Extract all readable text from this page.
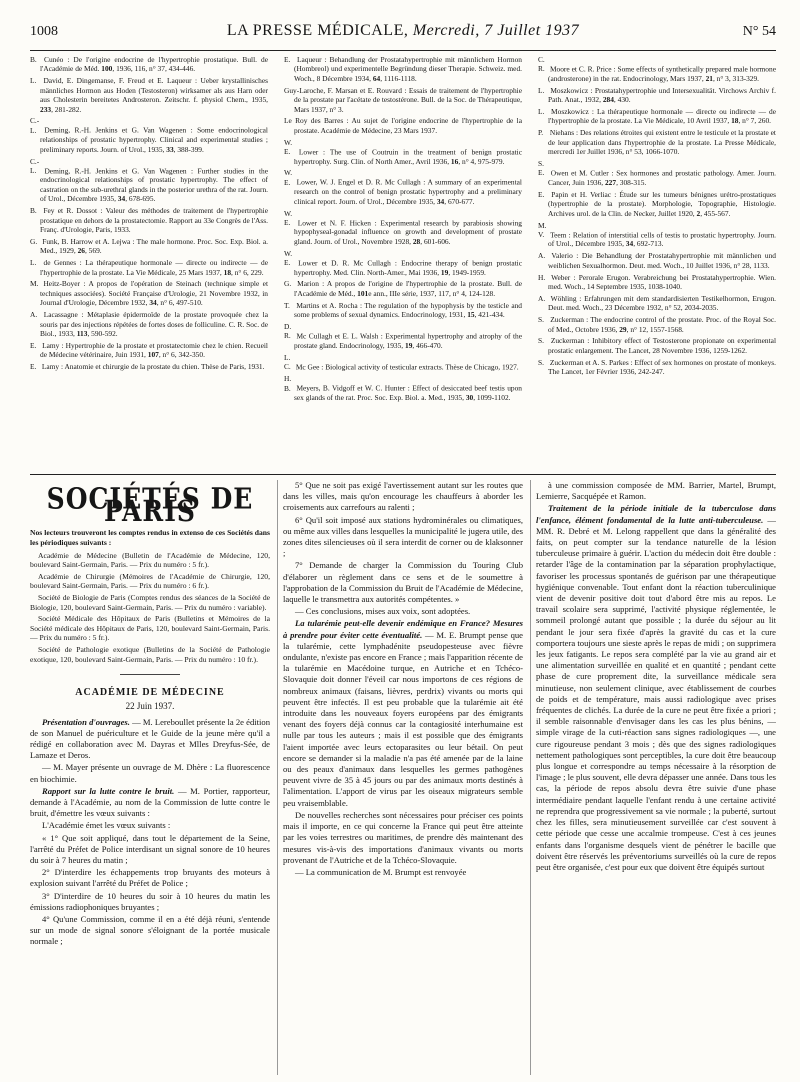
1008	LA PRESSE MÉDICALE, Mercredi, 7 Juillet 1937	N° 54
B. Cunéo : De l'origine endocrine de l'hypertrophie prostatique. Bull. de l'Académie de Méd. 100, 1936, 116, n° 37, 434-446.
L. David, E. Dingemanse, F. Freud et E. Laqueur : Ueber krystallinisches männliches Hormon aus Hoden (Testosteron) wirksamer als aus Harn oder aus Cholesterin bereitetes Androsteron. Zeitschr. f. physiol Chem., 1935, 233, 281-282.
C.-L. Deming, R.-H. Jenkins et G. Van Wagenen : Some endocrinological relationships of prostatic hypertrophy. Clinical and experimental studies ; preliminary reports. Journ. of Urol., 1935, 33, 388-399.
C.-L. Deming, R.-H. Jenkins et G. Van Wagenen : Further studies in the endocrinological relationships of prostatic hypertrophy. The effect of castration on the sub-urethral glands in the posterior urethra of the rat. Journ. of Urol., Décembre 1935, 34, 678-695.
B. Fey et R. Dossot : Valeur des méthodes de traitement de l'hypertrophie prostatique en dehors de la prostatectomie. Rapport au 33e Congrès de l'Ass. Franç. d'Urologie, Paris, 1933.
G. Funk, B. Harrow et A. Lejwa : The male hormone. Proc. Soc. Exp. Biol. a. Med., 1929, 26, 569.
L. de Gennes : La thérapeutique hormonale — directe ou indirecte — de l'hypertrophie de la prostate. La Vie Médicale, 25 Mars 1937, 18, n° 6, 229.
M. Heitz-Boyer : A propos de l'opération de Steinach (technique simple et techniques associées). Société Française d'Urologie, 21 Novembre 1932, in Journal d'Urologie, Décembre 1932, 34, n° 6, 497-510.
A. Lacassagne : Métaplasie épidermoïde de la prostate provoquée chez la souris par des injections répétées de fortes doses de folliculine. C. R. Soc. de Biol., 1933, 113, 590-592.
E. Lamy : Hypertrophie de la prostate et prostatectomie chez le chien. Recueil de Médecine vétérinaire, Juin 1931, 107, n° 6, 342-350.
E. Lamy : Anatomie et chirurgie de la prostate du chien. Thèse de Paris, 1931.
E. Laqueur : Behandlung der Prostatahypertrophie mit männlichem Hormon (Hombreol) und experimentelle Begründung dieser Therapie. Schweiz. med. Woch., 8 Décembre 1934, 64, 1116-1118.
Guy-Laroche, F. Marsan et E. Rouvard : Essais de traitement de l'hypertrophie de la prostate par l'acétate de testostérone. Bull. de la Soc. de Thérapeutique, Mars 1937, n° 3.
Le Roy des Barres : Au sujet de l'origine endocrine de l'hypertrophie de la prostate. Académie de Médecine, 23 Mars 1937.
W. E. Lower : The use of Coutruin in the treatment of benign prostatic hypertrophy. Surg. Clin. of North Amer., Avril 1936, 16, n° 4, 975-979.
W. E. Lower, W. J. Engel et D. R. Mc Cullagh : A summary of an experimental research on the control of benign prostatic hypertrophy and a preliminary clinical report. Journ. of Urol., Décembre 1935, 34, 670-677.
W. E. Lower et N. F. Hicken : Experimental research by parabiosis showing hypophyseal-gonadal influence on growth and development of prostate gland. Journ. of Urol., Novembre 1928, 28, 601-606.
W. E. Lower et D. R. Mc Cullagh : Endocrine therapy of benign prostatic hypertrophy. Med. Clin. North-Amer., Mai 1936, 19, 1949-1959.
G. Marion : A propos de l'origine de l'hypertrophie de la prostate. Bull. de l'Académie de Méd., 101e ann., IIIe série, 1937, 117, n° 4, 124-128.
T. Martins et A. Rocha : The regulation of the hypophysis by the testicle and some problems of sexual dynamics. Endocrinology, 1931, 15, 421-434.
D. R. Mc Cullagh et E. L. Walsh : Experimental hypertrophy and atrophy of the prostate gland. Endocrinology, 1935, 19, 466-470.
L. C. Mc Gee : Biological activity of testicular extracts. Thèse de Chicago, 1927.
H. B. Meyers, B. Vidgoff et W. C. Hunter : Effect of desiccated beef testis upon sex glands of the rat. Proc. Soc. Exp. Biol. a. Med., 1935, 30, 1099-1102.
C. R. Moore et C. R. Price : Some effects of synthetically prepared male hormone (androsterone) in the rat. Endocrinology, Mars 1937, 21, n° 3, 313-329.
L. Moszkowicz : Prostatahypertrophie und Intersexualität. Virchows Archiv f. Path. Anat., 1932, 284, 430.
L. Moszkowicz : La thérapeutique hormonale — directe ou indirecte — de l'hypertrophie de la prostate. La Vie Médicale, 10 Avril 1937, 18, n° 7, 260.
P. Niehans : Des relations étroites qui existent entre le testicule et la prostate et de leur application dans l'hypertrophie de la prostate. La Presse Médicale, mercredi 1er Juillet 1936, n° 53, 1066-1070.
S. E. Owen et M. Cutler : Sex hormones and prostatic pathology. Amer. Journ. Cancer, Juin 1936, 227, 308-315.
E. Papin et H. Verliac : Étude sur les tumeurs bénignes urétro-prostatiques (hypertrophie de la prostate). Morphologie, Topographie, Histologie. Archives urol. de la Clin. de Necker, Juillet 1920, 2, 455-567.
M. V. Teem : Relation of interstitial cells of testis to prostatic hypertrophy. Journ. of Urol., Décembre 1935, 34, 692-713.
A. Valerio : Die Behandlung der Prostatahypertrophie mit männlichen und weiblichen Sexualhormon. Deut. med. Woch., 10 Juillet 1936, n° 28, 1133.
H. Weber : Perorale Erugon. Verabreichung bei Prostatahypertrophie. Wien. med. Woch., 14 Septembre 1935, 1038-1040.
A. Wöhling : Erfahrungen mit dem standardisierten Testikelhormon, Erugon. Deut. med. Woch., 23 Décembre 1932, n° 52, 2034-2035.
S. Zuckerman : The endocrine control of the prostate. Proc. of the Royal Soc. of Med., Octobre 1936, 29, n° 12, 1557-1568.
S. Zuckerman : Inhibitory effect of Testosterone propionate on experimental prostatic enlargement. The Lancet, 28 Novembre 1936, 1259-1262.
S. Zuckerman et A. S. Parkes : Effect of sex hormones on prostate of monkeys. The Lancet, 1er Février 1936, 242-247.
SOCIÉTÉS DE PARIS
Nos lecteurs trouveront les comptes rendus in extenso de ces Sociétés dans les périodiques suivants :
Académie de Médecine (Bulletin de l'Académie de Médecine, 120, boulevard Saint-Germain, Paris. — Prix du numéro : 5 fr.).
Académie de Chirurgie (Mémoires de l'Académie de Chirurgie, 120, boulevard Saint-Germain, Paris. — Prix du numéro : 6 fr.).
Société de Biologie de Paris (Comptes rendus des séances de la Société de Biologie, 120, boulevard Saint-Germain, Paris. — Prix du numéro : variable).
Société Médicale des Hôpitaux de Paris (Bulletins et Mémoires de la Société médicale des Hôpitaux de Paris, 120, boulevard Saint-Germain, Paris. — Prix du numéro : 5 fr.).
Société de Pathologie exotique (Bulletins de la Société de Pathologie exotique, 120, boulevard Saint-Germain, Paris. — Prix du numéro : 10 fr.).
ACADÉMIE DE MÉDECINE
22 Juin 1937.

Présentation d'ouvrages. — M. Lereboullet présente la 2e édition de son Manuel de puériculture et le Guide de la jeune mère qu'il a rédigé en collaboration avec M. Dayras et Mlles Dreyfus-Sée, de Lamaze et Deros.

— M. Mayer présente un ouvrage de M. Dhère : La fluorescence en biochimie.

Rapport sur la lutte contre le bruit. — M. Portier, rapporteur, demande à l'Académie, au nom de la Commission de lutte contre le bruit, d'émettre les vœux suivants :

L'Académie émet les vœux suivants :

« 1° Que soit appliqué, dans tout le département de la Seine, l'arrêté du Préfet de Police interdisant un signal sonore de 10 heures du soir à 7 heures du matin ;

2° D'interdire les échappements trop bruyants des moteurs à explosion suivant l'arrêté du Préfet de Police ;

3° D'interdire de 10 heures du soir à 10 heures du matin les émissions radiophoniques bruyantes ;

4° Qu'une Commission, comme il en a été déjà réuni, s'entende sur un mode de signal sonore s'éloignant de la portée musicale normale ;

5° Que ne soit pas exigé l'avertissement autant sur les routes que dans les villes, mais qu'on encourage les chauffeurs à aborder les croisements aux carrefours au ralenti ;

6° Qu'il soit imposé aux stations hydrominérales ou climatiques, ou même aux villes dans lesquelles la municipalité le jugera utile, des zones dites silencieuses où il sera interdit de corner ou de klaksonner ;

7° Demande de charger la Commission du Touring Club d'élaborer un règlement dans ce sens et de le soumettre à l'approbation de la Commission du Bruit de l'Académie de Médecine, laquelle le transmettra aux autorités compétentes. »

— Ces conclusions, mises aux voix, sont adoptées.

La tularémie peut-elle devenir endémique en France? Mesures à prendre pour éviter cette éventualité. — M. E. Brumpt pense que la tularémie, cette lymphadénite pseudopesteuse avec fièvre ondulante, n'existe pas encore en France ; mais l'apparition récente de la tularémie en Macédoine turque, en Autriche et en Tchéco-Slovaquie doit donner l'éveil car nous importons de ces régions de nombreux animaux (faisans, lièvres, perdrix) vivants ou morts qui peuvent être infectés. Il est peu probable que la tularémie ait été introduite dans les nouveaux foyers européens par des émigrants venant des foyers déjà connus car la contagiosité interhumaine est nulle par tous les auteurs ; mais il est possible que des émigrants l'aient importée avec leurs ectoparasites ou leur bétail. On peut encore se demander si la maladie n'a pas été amenée par de la laine ou des peaux d'animaux dans lesquelles les germes pathogènes peuvent vivre de 35 à 45 jours ou par des animaux morts destinés à l'alimentation. L'apport de virus par les oiseaux migrateurs semble peu vraisemblable.

De nouvelles recherches sont nécessaires pour préciser ces points mais il importe, en ce qui concerne la France qui peut être atteinte par les voies terrestres ou maritimes, de prendre dès maintenant des mesures vis-à-vis des importations d'animaux vivants ou morts provenant de l'Autriche et de la Tchéco-Slovaquie.

— La communication de M. Brumpt est renvoyée

à une commission composée de MM. Barrier, Martel, Brumpt, Lemierre, Sacquépée et Ramon.

Traitement de la période initiale de la tuberculose dans l'enfance, élément fondamental de la lutte anti-tuberculeuse. — MM. R. Debré et M. Lelong rappellent que dans la généralité des faits, on peut compter sur la tendance naturelle de la lésion tuberculeuse primaire à guérir. L'action du médecin doit être double : retarder l'âge de la contamination par la séparation prophylactique, favoriser les processus spontanés de guérison par une thérapeutique hygiénique convenable. Tout enfant dont la réaction tuberculinique vient de devenir positive doit tout d'abord être mis au repos. Le travail scolaire sera supprimé, l'activité physique réglementée, le sommeil prolongé autant que possible ; la durée du séjour au lit pendant le jour sera fixée d'après la gravité du cas et la cure comportera toujours une sieste après le repas de midi ; on supprimera les jeux fatigants. Le repos sera complété par la vie au grand air et une alimentation surveillée en qualité et en quantité ; pendant cette phase de cure proprement dite, la surveillance médicale sera minutieuse, non seulement clinique, avec établissement de courbes de poids et de température, mais aussi radiologique avec prises fréquentes de clichés. La durée de la cure ne peut être fixée a priori ; il semble raisonnable d'envisager dans les cas les plus bénins, — simple virage de la cuti-réaction sans signes radiologiques —, une cure rigoureuse pendant 3 mois ; dès que des signes radiologiques nettement pathologiques sont perceptibles, la cure doit être beaucoup plus longue et correspondre au temps nécessaire à la résorption de l'image ; le plus souvent, elle devra dépasser une année. Dans tous les cas, la période de repos absolu devra être suivie d'une phase intermédiaire pendant laquelle l'enfant rendu à une certaine activité ne reprendra que progressivement sa vie normale ; la puberté, surtout chez les filles, sera minutieusement surveillée car c'est souvent à cette période que cesse une accalmie trompeuse. C'est à ces jeunes enfants dans l'organisme desquels vient de pénétrer le bacille que doivent être réservés les préventoriums surveillés où la cure de repos peut être organisée, c'est pour eux que doivent être équipés surtout
